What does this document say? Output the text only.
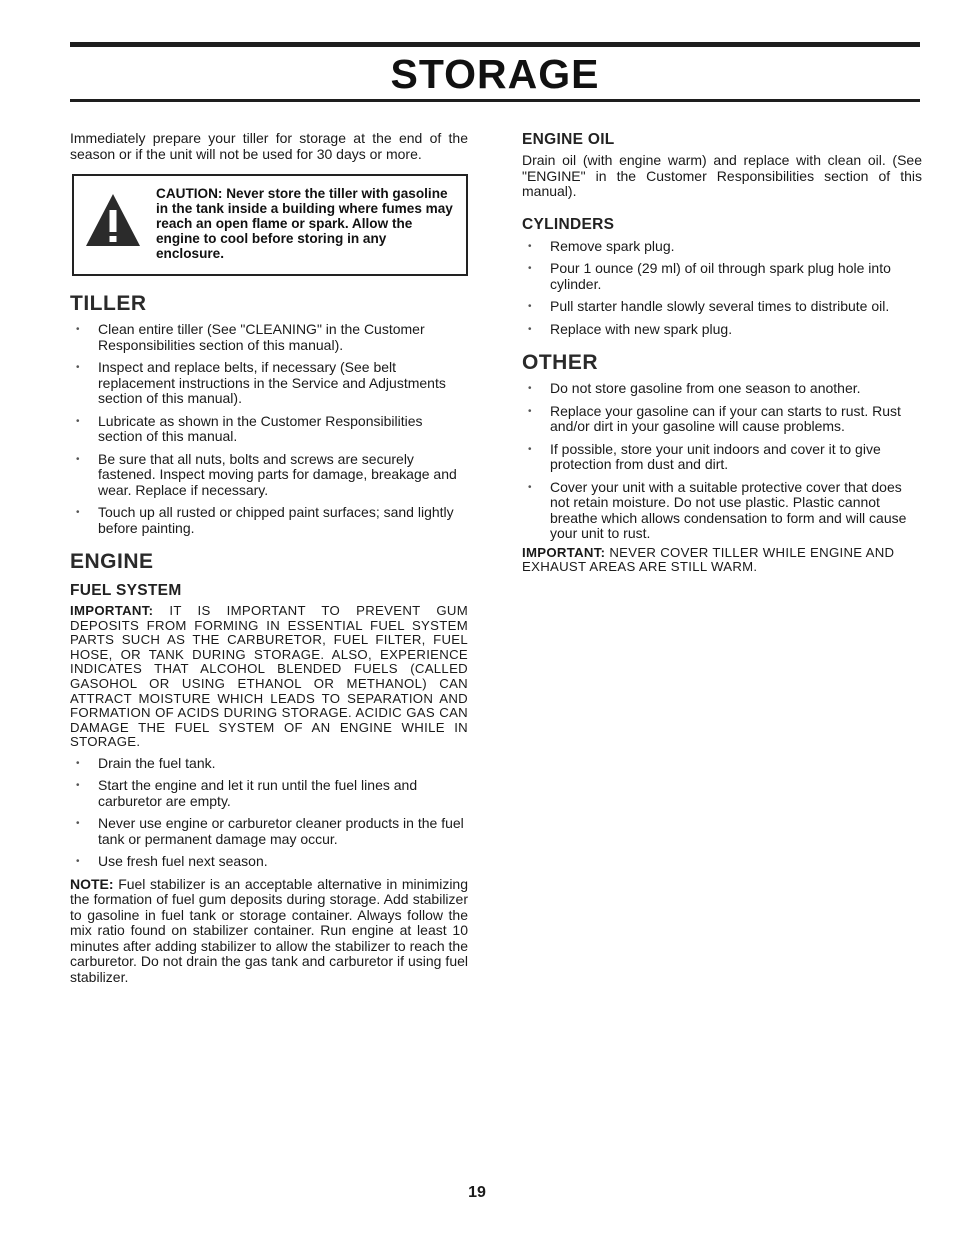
STORAGE

Immediately prepare your tiller for storage at the end of the season or if the unit will not be used for 30 days or more.

CAUTION: Never store the tiller with gasoline in the tank inside a building where fumes may reach an open flame or spark. Allow the engine to cool before storing in any enclosure.
TILLER
• Clean entire tiller (See "CLEANING" in the Customer Responsibilities section of this manual).
• Inspect and replace belts, if necessary (See belt replacement instructions in the Service and Adjustments section of this manual).
• Lubricate as shown in the Customer Responsibilities section of this manual.
• Be sure that all nuts, bolts and screws are securely fastened. Inspect moving parts for damage, breakage and wear. Replace if necessary.
• Touch up all rusted or chipped paint surfaces; sand lightly before painting.
ENGINE
FUEL SYSTEM

IMPORTANT: IT IS IMPORTANT TO PREVENT GUM DEPOSITS FROM FORMING IN ESSENTIAL FUEL SYSTEM PARTS SUCH AS THE CARBURETOR, FUEL FILTER, FUEL HOSE, OR TANK DURING STORAGE. ALSO, EXPERIENCE INDICATES THAT ALCOHOL BLENDED FUELS (CALLED GASOHOL OR USING ETHANOL OR METHANOL) CAN ATTRACT MOISTURE WHICH LEADS TO SEPARATION AND FORMATION OF ACIDS DURING STORAGE. ACIDIC GAS CAN DAMAGE THE FUEL SYSTEM OF AN ENGINE WHILE IN STORAGE.

• Drain the fuel tank.
• Start the engine and let it run until the fuel lines and carburetor are empty.
• Never use engine or carburetor cleaner products in the fuel tank or permanent damage may occur.
• Use fresh fuel next season.

NOTE: Fuel stabilizer is an acceptable alternative in minimizing the formation of fuel gum deposits during storage. Add stabilizer to gasoline in fuel tank or storage container. Always follow the mix ratio found on stabilizer container. Run engine at least 10 minutes after adding stabilizer to allow the stabilizer to reach the carburetor. Do not drain the gas tank and carburetor if using fuel stabilizer.

ENGINE OIL

Drain oil (with engine warm) and replace with clean oil. (See "ENGINE" in the Customer Responsibilities section of this manual).

CYLINDERS
• Remove spark plug.
• Pour 1 ounce (29 ml) of oil through spark plug hole into cylinder.
• Pull starter handle slowly several times to distribute oil.
• Replace with new spark plug.
OTHER
• Do not store gasoline from one season to another.
• Replace your gasoline can if your can starts to rust. Rust and/or dirt in your gasoline will cause problems.
• If possible, store your unit indoors and cover it to give protection from dust and dirt.
• Cover your unit with a suitable protective cover that does not retain moisture. Do not use plastic. Plastic cannot breathe which allows condensation to form and will cause your unit to rust.

IMPORTANT: NEVER COVER TILLER WHILE ENGINE AND EXHAUST AREAS ARE STILL WARM.

19
